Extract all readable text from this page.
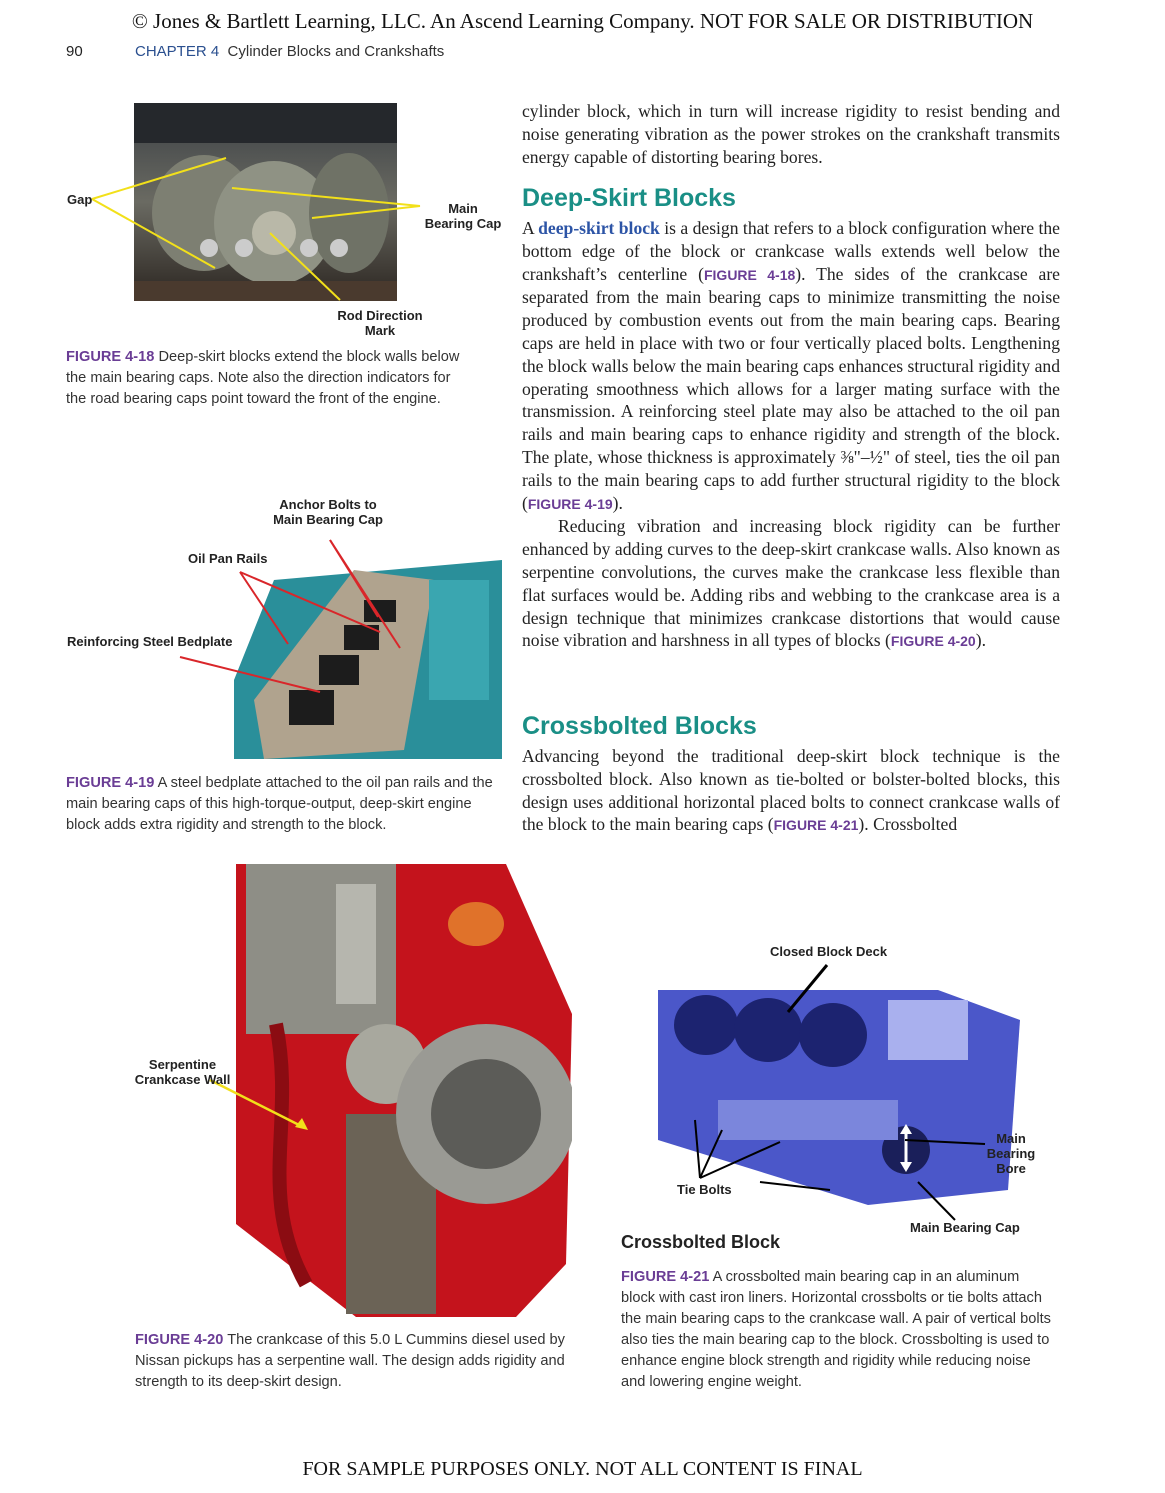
© Jones & Bartlett Learning, LLC. An Ascend Learning Company. NOT FOR SALE OR DISTRIBUTION
90	CHAPTER 4 Cylinder Blocks and Crankshafts
Gap
Main Bearing Cap
Rod Direction Mark
FIGURE 4-18 Deep-skirt blocks extend the block walls below the main bearing caps. Note also the direction indicators for the road bearing caps point toward the front of the engine.
Anchor Bolts to Main Bearing Cap
Oil Pan Rails
Reinforcing Steel Bedplate
FIGURE 4-19 A steel bedplate attached to the oil pan rails and the main bearing caps of this high-torque-output, deep-skirt engine block adds extra rigidity and strength to the block.
cylinder block, which in turn will increase rigidity to resist bending and noise generating vibration as the power strokes on the crankshaft transmits energy capable of distorting bearing bores.
Deep-Skirt Blocks

A deep-skirt block is a design that refers to a block configuration where the bottom edge of the block or crankcase walls extends well below the crankshaft’s centerline (FIGURE 4-18). The sides of the crankcase are separated from the main bearing caps to minimize transmitting the noise produced by combustion events out from the main bearing caps. Bearing caps are held in place with two or four vertically placed bolts. Lengthening the block walls below the main bearing caps enhances structural rigidity and operating smoothness which allows for a larger mating surface with the transmission. A reinforcing steel plate may also be attached to the oil pan rails and main bearing caps to enhance rigidity and strength of the block. The plate, whose thickness is approximately ⅜"–½" of steel, ties the oil pan rails to the main bearing caps to add further structural rigidity to the block (FIGURE 4-19).

Reducing vibration and increasing block rigidity can be further enhanced by adding curves to the deep-skirt crankcase walls. Also known as serpentine convolutions, the curves make the crankcase less flexible than flat surfaces would be. Adding ribs and webbing to the crankcase area is a design technique that minimizes crankcase distortions that would cause noise vibration and harshness in all types of blocks (FIGURE 4-20).

Crossbolted Blocks

Advancing beyond the traditional deep-skirt block technique is the crossbolted block. Also known as tie-bolted or bolster-bolted blocks, this design uses additional horizontal placed bolts to connect crankcase walls of the block to the main bearing caps (FIGURE 4-21). Crossbolted

Serpentine Crankcase Wall
FIGURE 4-20 The crankcase of this 5.0 L Cummins diesel used by Nissan pickups has a serpentine wall. The design adds rigidity and strength to its deep-skirt design.
Closed Block Deck
Main Bearing Bore
Tie Bolts
Main Bearing Cap
Crossbolted Block
FIGURE 4-21 A crossbolted main bearing cap in an aluminum block with cast iron liners. Horizontal crossbolts or tie bolts attach the main bearing caps to the crankcase wall. A pair of vertical bolts also ties the main bearing cap to the block. Crossbolting is used to enhance engine block strength and rigidity while reducing noise and lowering engine weight.
FOR SAMPLE PURPOSES ONLY. NOT ALL CONTENT IS FINAL
